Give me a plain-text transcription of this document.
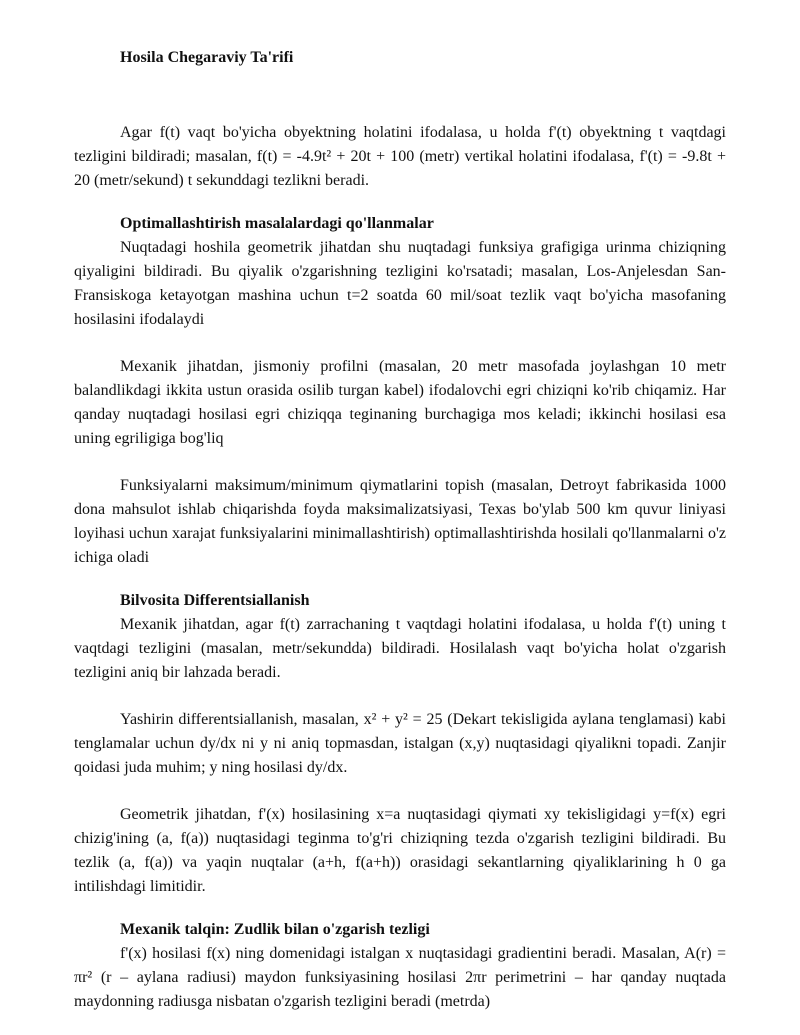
Hosila Chegaraviy Ta'rifi

Agar f(t) vaqt bo'yicha obyektning holatini ifodalasa, u holda f'(t) obyektning t vaqtdagi tezligini bildiradi; masalan, f(t) = -4.9t² + 20t + 100 (metr) vertikal holatini ifodalasa, f'(t) = -9.8t + 20 (metr/sekund) t sekunddagi tezlikni beradi.

Optimallashtirish masalalardagi qo'llanmalar

Nuqtadagi hoshila geometrik jihatdan shu nuqtadagi funksiya grafigiga urinma chiziqning qiyaligini bildiradi. Bu qiyalik o'zgarishning tezligini ko'rsatadi; masalan, Los-Anjelesdan San-Fransiskoga ketayotgan mashina uchun t=2 soatda 60 mil/soat tezlik vaqt bo'yicha masofaning hosilasini ifodalaydi

Mexanik jihatdan, jismoniy profilni (masalan, 20 metr masofada joylashgan 10 metr balandlikdagi ikkita ustun orasida osilib turgan kabel) ifodalovchi egri chiziqni ko'rib chiqamiz. Har qanday nuqtadagi hosilasi egri chiziqqa teginaning burchagiga mos keladi; ikkinchi hosilasi esa uning egriligiga bog'liq

Funksiyalarni maksimum/minimum qiymatlarini topish (masalan, Detroyt fabrikasida 1000 dona mahsulot ishlab chiqarishda foyda maksimalizatsiyasi, Texas bo'ylab 500 km quvur liniyasi loyihasi uchun xarajat funksiyalarini minimallashtirish) optimallashtirishda hosilali qo'llanmalarni o'z ichiga oladi

Bilvosita Differentsiallanish

Mexanik jihatdan, agar f(t) zarrachaning t vaqtdagi holatini ifodalasa, u holda f'(t) uning t vaqtdagi tezligini (masalan, metr/sekundda) bildiradi. Hosilalash vaqt bo'yicha holat o'zgarish tezligini aniq bir lahzada beradi.

Yashirin differentsiallanish, masalan, x² + y² = 25 (Dekart tekisligida aylana tenglamasi) kabi tenglamalar uchun dy/dx ni y ni aniq topmasdan, istalgan (x,y) nuqtasidagi qiyalikni topadi. Zanjir qoidasi juda muhim; y ning hosilasi dy/dx.

Geometrik jihatdan, f'(x) hosilasining x=a nuqtasidagi qiymati xy tekisligidagi y=f(x) egri chizig'ining (a, f(a)) nuqtasidagi teginma to'g'ri chiziqning tezda o'zgarish tezligini bildiradi. Bu tezlik (a, f(a)) va yaqin nuqtalar (a+h, f(a+h)) orasidagi sekantlarning qiyaliklarining h 0 ga intilishdagi limitidir.

Mexanik talqin: Zudlik bilan o'zgarish tezligi

f'(x) hosilasi f(x) ning domenidagi istalgan x nuqtasidagi gradientini beradi. Masalan, A(r) = πr² (r – aylana radiusi) maydon funksiyasining hosilasi 2πr perimetrini – har qanday nuqtada maydonning radiusga nisbatan o'zgarish tezligini beradi (metrda)
